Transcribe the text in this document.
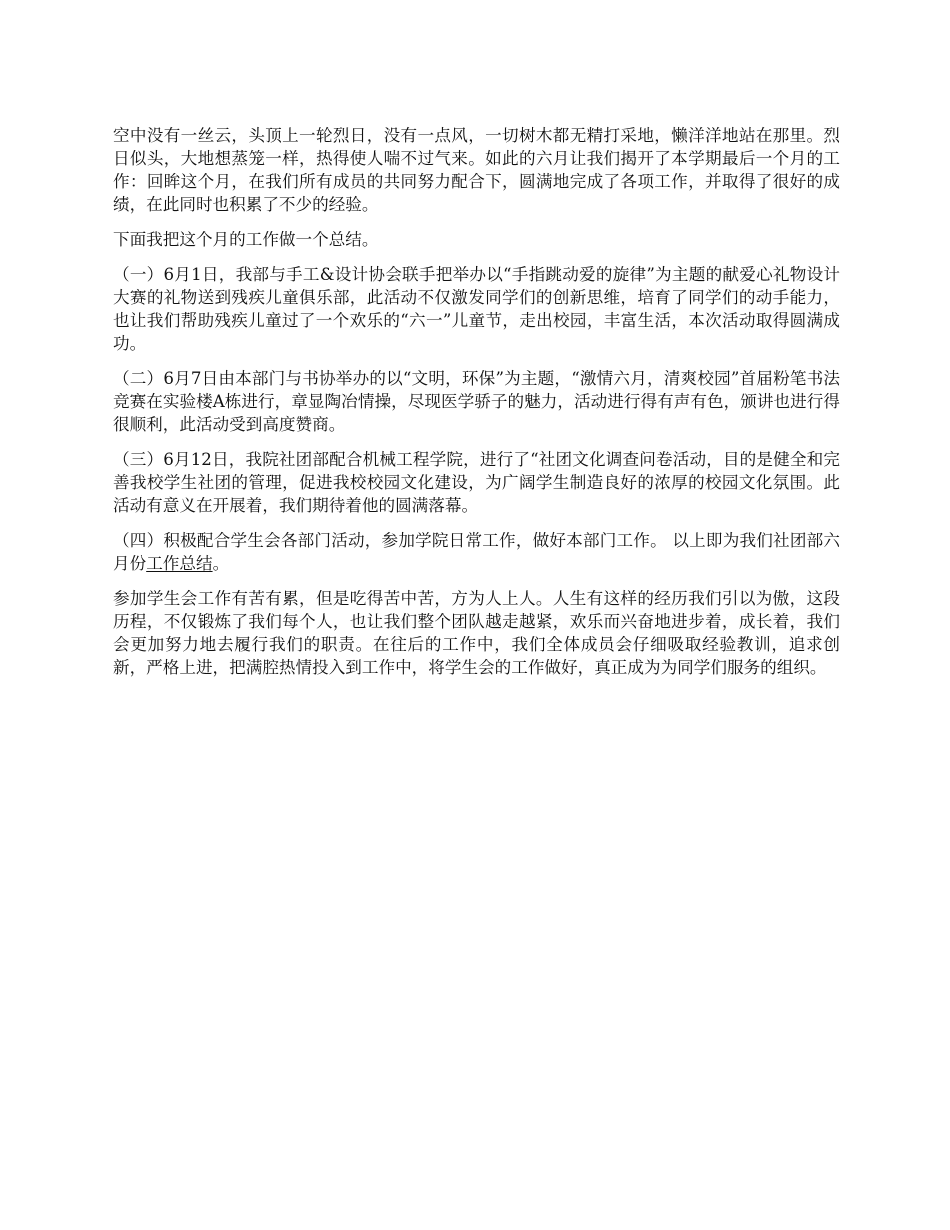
空中没有一丝云，头顶上一轮烈日，没有一点风，一切树木都无精打采地，懒洋洋地站在那里。烈日似头，大地想蒸笼一样，热得使人喘不过气来。如此的六月让我们揭开了本学期最后一个月的工作：回眸这个月，在我们所有成员的共同努力配合下，圆满地完成了各项工作，并取得了很好的成绩，在此同时也积累了不少的经验。

下面我把这个月的工作做一个总结。

（一）6月1日，我部与手工&设计协会联手把举办以“手指跳动爱的旋律”为主题的献爱心礼物设计大赛的礼物送到残疾儿童俱乐部，此活动不仅激发同学们的创新思维，培育了同学们的动手能力，也让我们帮助残疾儿童过了一个欢乐的“六一”儿童节，走出校园，丰富生活，本次活动取得圆满成功。

（二）6月7日由本部门与书协举办的以“文明，环保”为主题，“激情六月，清爽校园”首届粉笔书法竞赛在实验楼A栋进行，章显陶冶情操，尽现医学骄子的魅力，活动进行得有声有色，颁讲也进行得很顺利，此活动受到高度赞商。

（三）6月12日，我院社团部配合机械工程学院，进行了“社团文化调查问卷活动，目的是健全和完善我校学生社团的管理，促进我校校园文化建设，为广阔学生制造良好的浓厚的校园文化氛围。此活动有意义在开展着，我们期待着他的圆满落幕。

（四）积极配合学生会各部门活动，参加学院日常工作，做好本部门工作。 以上即为我们社团部六月份工作总结。

参加学生会工作有苦有累，但是吃得苦中苦，方为人上人。人生有这样的经历我们引以为傲，这段历程，不仅锻炼了我们每个人，也让我们整个团队越走越紧，欢乐而兴奋地进步着，成长着，我们会更加努力地去履行我们的职责。在往后的工作中，我们全体成员会仔细吸取经验教训，追求创新，严格上进，把满腔热情投入到工作中，将学生会的工作做好，真正成为为同学们服务的组织。
